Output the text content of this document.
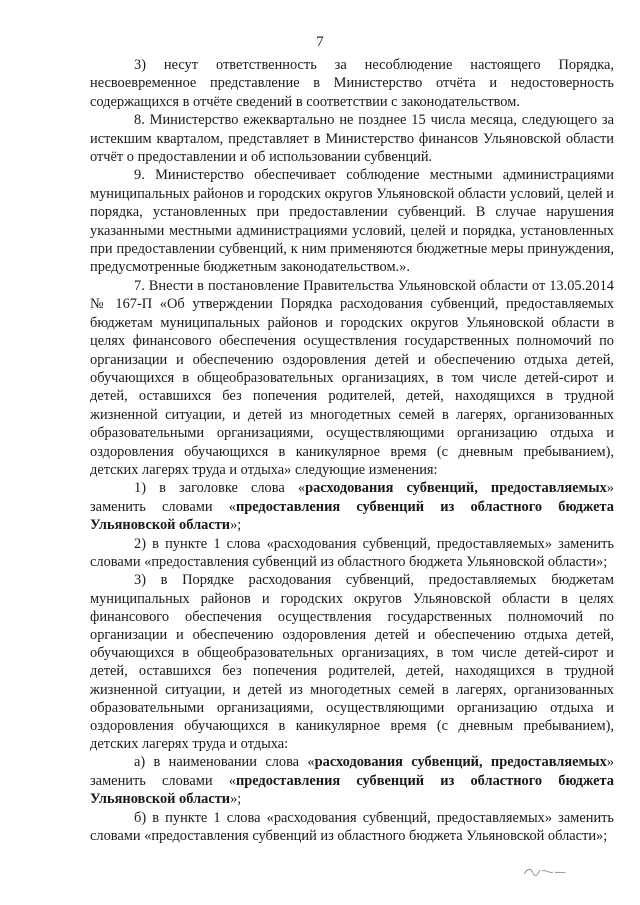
7

3) несут ответственность за несоблюдение настоящего Порядка, несвоевременное представление в Министерство отчёта и недостоверность содержащихся в отчёте сведений в соответствии с законодательством.

8. Министерство ежеквартально не позднее 15 числа месяца, следующего за истекшим кварталом, представляет в Министерство финансов Ульяновской области отчёт о предоставлении и об использовании субвенций.

9. Министерство обеспечивает соблюдение местными администрациями муниципальных районов и городских округов Ульяновской области условий, целей и порядка, установленных при предоставлении субвенций. В случае нарушения указанными местными администрациями условий, целей и порядка, установленных при предоставлении субвенций, к ним применяются бюджетные меры принуждения, предусмотренные бюджетным законодательством.».

7. Внести в постановление Правительства Ульяновской области от 13.05.2014 № 167-П «Об утверждении Порядка расходования субвенций, предоставляемых бюджетам муниципальных районов и городских округов Ульяновской области в целях финансового обеспечения осуществления государственных полномочий по организации и обеспечению оздоровления детей и обеспечению отдыха детей, обучающихся в общеобразовательных организациях, в том числе детей-сирот и детей, оставшихся без попечения родителей, детей, находящихся в трудной жизненной ситуации, и детей из многодетных семей в лагерях, организованных образовательными организациями, осуществляющими организацию отдыха и оздоровления обучающихся в каникулярное время (с дневным пребыванием), детских лагерях труда и отдыха» следующие изменения:

1) в заголовке слова «расходования субвенций, предоставляемых» заменить словами «предоставления субвенций из областного бюджета Ульяновской области»;

2) в пункте 1 слова «расходования субвенций, предоставляемых» заменить словами «предоставления субвенций из областного бюджета Ульяновской области»;

3) в Порядке расходования субвенций, предоставляемых бюджетам муниципальных районов и городских округов Ульяновской области в целях финансового обеспечения осуществления государственных полномочий по организации и обеспечению оздоровления детей и обеспечению отдыха детей, обучающихся в общеобразовательных организациях, в том числе детей-сирот и детей, оставшихся без попечения родителей, детей, находящихся в трудной жизненной ситуации, и детей из многодетных семей в лагерях, организованных образовательными организациями, осуществляющими организацию отдыха и оздоровления обучающихся в каникулярное время (с дневным пребыванием), детских лагерях труда и отдыха:

а) в наименовании слова «расходования субвенций, предоставляемых» заменить словами «предоставления субвенций из областного бюджета Ульяновской области»;

б) в пункте 1 слова «расходования субвенций, предоставляемых» заменить словами «предоставления субвенций из областного бюджета Ульяновской области»;
